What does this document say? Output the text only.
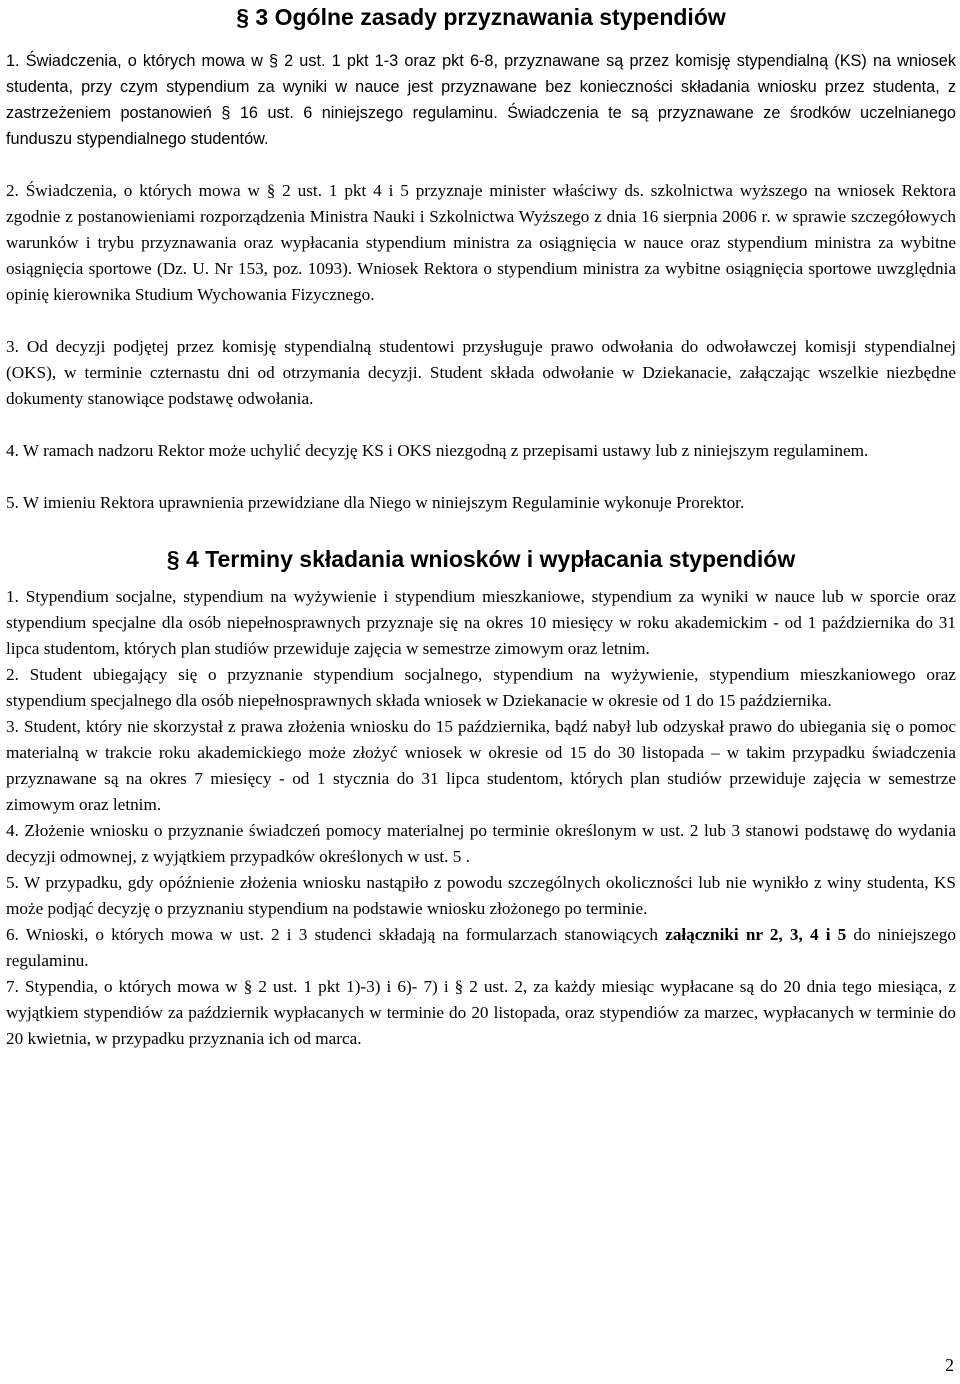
§ 3 Ogólne zasady przyznawania stypendiów

1. Świadczenia, o których mowa w § 2 ust. 1 pkt 1-3 oraz pkt 6-8, przyznawane są przez komisję stypendialną (KS) na wniosek studenta, przy czym stypendium za wyniki w nauce jest przyznawane bez konieczności składania wniosku przez studenta, z zastrzeżeniem postanowień § 16 ust. 6 niniejszego regulaminu. Świadczenia te są przyznawane ze środków uczelnianego funduszu stypendialnego studentów.

2. Świadczenia, o których mowa w § 2 ust. 1 pkt 4 i 5 przyznaje minister właściwy ds. szkolnictwa wyższego na wniosek Rektora zgodnie z postanowieniami rozporządzenia Ministra Nauki i Szkolnictwa Wyższego z dnia 16 sierpnia 2006 r. w sprawie szczegółowych warunków i trybu przyznawania oraz wypłacania stypendium ministra za osiągnięcia w nauce oraz stypendium ministra za wybitne osiągnięcia sportowe (Dz. U. Nr 153, poz. 1093). Wniosek Rektora o stypendium ministra za wybitne osiągnięcia sportowe uwzględnia opinię kierownika Studium Wychowania Fizycznego.

3. Od decyzji podjętej przez komisję stypendialną studentowi przysługuje prawo odwołania do odwoławczej komisji stypendialnej (OKS), w terminie czternastu dni od otrzymania decyzji. Student składa odwołanie w Dziekanacie, załączając wszelkie niezbędne dokumenty stanowiące podstawę odwołania.

4. W ramach nadzoru Rektor może uchylić decyzję KS i OKS niezgodną z przepisami ustawy lub z niniejszym regulaminem.

5. W imieniu Rektora uprawnienia przewidziane dla Niego w niniejszym Regulaminie wykonuje Prorektor.

§ 4 Terminy składania wniosków i wypłacania stypendiów

1. Stypendium socjalne, stypendium na wyżywienie i stypendium mieszkaniowe, stypendium za wyniki w nauce lub w sporcie oraz stypendium specjalne dla osób niepełnosprawnych przyznaje się na okres 10 miesięcy w roku akademickim - od 1 października do 31 lipca studentom, których plan studiów przewiduje zajęcia w semestrze zimowym oraz letnim.

2. Student ubiegający się o przyznanie stypendium socjalnego, stypendium na wyżywienie, stypendium mieszkaniowego oraz stypendium specjalnego dla osób niepełnosprawnych składa wniosek w Dziekanacie w okresie od 1 do 15 października.

3. Student, który nie skorzystał z prawa złożenia wniosku do 15 października, bądź nabył lub odzyskał prawo do ubiegania się o pomoc materialną w trakcie roku akademickiego może złożyć wniosek w okresie od 15 do 30 listopada – w takim przypadku świadczenia przyznawane są na okres 7 miesięcy - od 1 stycznia do 31 lipca studentom, których plan studiów przewiduje zajęcia w semestrze zimowym oraz letnim.

4. Złożenie wniosku o przyznanie świadczeń pomocy materialnej po terminie określonym w ust. 2 lub 3 stanowi podstawę do wydania decyzji odmownej, z wyjątkiem przypadków określonych w ust. 5 .

5. W przypadku, gdy opóźnienie złożenia wniosku nastąpiło z powodu szczególnych okoliczności lub nie wynikło z winy studenta, KS może podjąć decyzję o przyznaniu stypendium na podstawie wniosku złożonego po terminie.

6. Wnioski, o których mowa w ust. 2 i 3 studenci składają na formularzach stanowiących załączniki nr 2, 3, 4 i 5 do niniejszego regulaminu.

7. Stypendia, o których mowa w § 2 ust. 1 pkt 1)-3) i 6)- 7) i § 2 ust. 2, za każdy miesiąc wypłacane są do 20 dnia tego miesiąca, z wyjątkiem stypendiów za październik wypłacanych w terminie do 20 listopada, oraz stypendiów za marzec, wypłacanych w terminie do 20 kwietnia, w przypadku przyznania ich od marca.

2
